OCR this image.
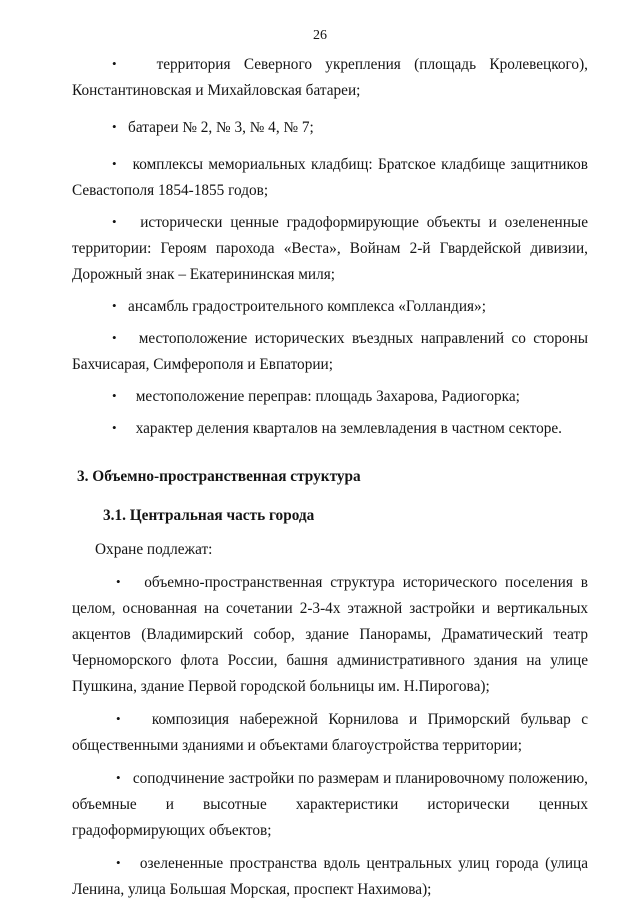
26

•	территория Северного укрепления (площадь Кролевецкого), Константиновская и Михайловская батареи;

• батареи № 2, № 3, № 4, № 7;

• комплексы мемориальных кладбищ: Братское кладбище защитников Севастополя 1854-1855 годов;

• исторически ценные градоформирующие объекты и озелененные территории: Героям парохода «Веста», Войнам 2-й Гвардейской дивизии, Дорожный знак – Екатерининская миля;

• ансамбль градостроительного комплекса «Голландия»;

• местоположение исторических въездных направлений со стороны Бахчисарая, Симферополя и Евпатории;

• местоположение переправ: площадь Захарова, Радиогорка;

• характер деления кварталов на землевладения в частном секторе.

3. Объемно-пространственная структура

3.1. Центральная часть города

Охране подлежат:

• объемно-пространственная структура исторического поселения в целом, основанная на сочетании 2-3-4х этажной застройки и вертикальных акцентов (Владимирский собор, здание Панорамы, Драматический театр Черноморского флота России, башня административного здания на улице Пушкина, здание Первой городской больницы им. Н.Пирогова);

• композиция набережной Корнилова и Приморский бульвар с общественными зданиями и объектами благоустройства территории;

• соподчинение застройки по размерам и планировочному положению, объемные и высотные характеристики исторически ценных градоформирующих объектов;

• озелененные пространства вдоль центральных улиц города (улица Ленина, улица Большая Морская, проспект Нахимова);
